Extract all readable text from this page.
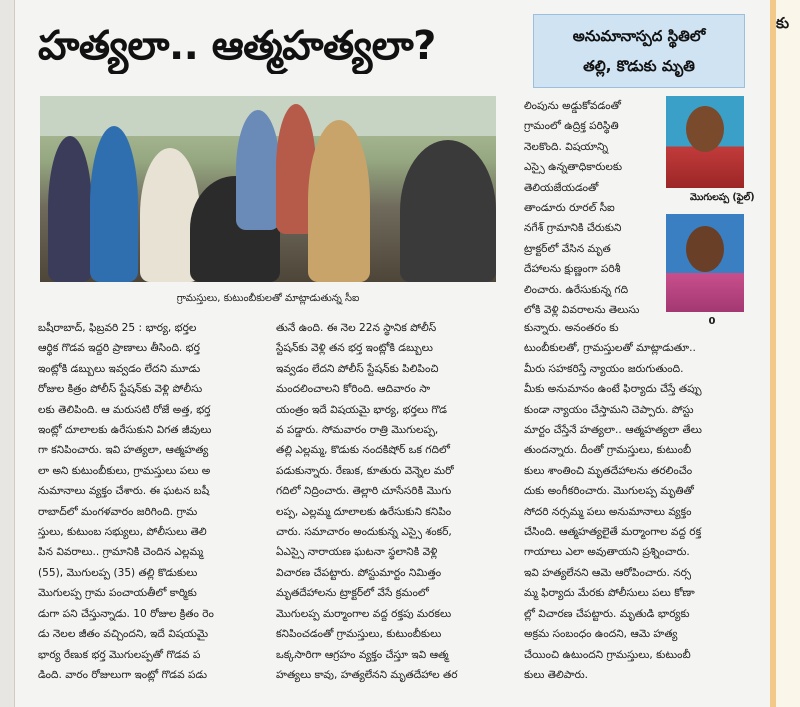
హత్యలా.. ఆత్మహత్యలా?	అనుమానాస్పద స్థితిలో
తల్లి, కొడుకు మృతి
గ్రామస్తులు, కుటుంబీకులతో మాట్లాడుతున్న సీఐ
బషీరాబాద్, ఫిబ్రవరి 25 : భార్య, భర్తల
ఆర్థిక గొడవ ఇద్దరి ప్రాణాలు తీసింది. భర్త
ఇంట్లోకి డబ్బులు ఇవ్వడం లేదని మూడు
రోజుల కిత్రం పోలీస్ స్టేషన్‌కు వెళ్లి పోలీసు
లకు తెలిపింది. ఆ మరుసటి రోజే అత్త, భర్త
ఇంట్లో దూలాలకు ఉరేసుకుని విగత జీవులు
గా కనిపించారు. ఇవి హత్యలా, ఆత్మహత్య
లా అని కుటుంబీకులు, గ్రామస్తులు పలు అ
నుమానాలు వ్యక్తం చేశారు. ఈ ఘటన బషీ
రాబాద్‌లో మంగళవారం జరిగింది. గ్రామ
స్తులు, కుటుంబ సభ్యులు, పోలీసులు తెలి
పిన వివరాలు.. గ్రామానికి చెందిన ఎల్లమ్మ
(55), మొగులప్ప (35) తల్లి కొడుకులు
మొగులప్ప గ్రామ పంచాయతీలో కార్మికు
డుగా పని చేస్తున్నాడు. 10 రోజుల క్రితం రెం
డు నెలల జీతం వచ్చిందని, ఇదే విషయమై
భార్య రేణుక భర్త మొగులప్పతో గొడవ ప
డింది. వారం రోజులుగా ఇంట్లో గొడవ పడు
తునే ఉంది. ఈ నెల 22న స్థానిక పోలీస్
స్టేషన్‌కు వెళ్లి తన భర్త ఇంట్లోకి డబ్బులు
ఇవ్వడం లేదని పోలీస్ స్టేషన్‌కు పిలిపించి
మందలించాలని కోరింది. ఆదివారం సా
యంత్రం ఇదే విషయమై భార్య, భర్తలు గొడ
వ పడ్డారు. సోమవారం రాత్రి మొగులప్ప,
తల్లి ఎల్లమ్మ, కొడుకు నందకిషోర్ ఒక గదిలో
పడుకున్నారు. రేణుక, కూతురు వెన్నెల మరో
గదిలో నిద్రించారు. తెల్లారి చూసేసరికి మొగు
లప్ప, ఎల్లమ్మ దూలాలకు ఉరేసుకుని కనిపిం
చారు. సమాచారం అందుకున్న ఎస్సై శంకర్,
ఏఎస్సై నారాయణ ఘటనా స్థలానికి వెళ్లి
విచారణ చేపట్టారు. పోస్టుమార్టం నిమిత్తం
మృతదేహాలను ట్రాక్టర్‌లో వేసే క్రమంలో
మొగులప్ప మర్మాంగాల వద్ద రక్తపు మరకలు
కనిపించడంతో గ్రామస్తులు, కుటుంబీకులు
ఒక్కసారిగా ఆగ్రహం వ్యక్తం చేస్తూ ఇవి ఆత్మ
హత్యలు కావు, హత్యలేనని మృతదేహాల తర
లింపును అడ్డుకోవడంతో
గ్రామంలో ఉద్రిక్త పరిస్థితి
నెలకొంది. విషయాన్ని
ఎస్సై ఉన్నతాధికారులకు
తెలియజేయడంతో
తాండూరు రూరల్ సీఐ
నగేశ్ గ్రామానికి చేరుకుని
ట్రాక్టర్‌లో వేసిన మృత
దేహాలను క్షుణ్ణంగా పరిశీ
లించారు. ఉరేసుకున్న గది
లోకి వెళ్లి వివరాలను తెలుసు
కున్నారు. అనంతరం కు
టుంబీకులతో, గ్రామస్తులతో మాట్లాడుతూ..
మీరు సహకరిస్తే న్యాయం జరుగుతుంది.
మీకు అనుమానం ఉంటే ఫిర్యాదు చేస్తే తప్పు
కుండా న్యాయం చేస్తామని చెప్పారు. పోస్టు
మార్టం చేస్తేనే హత్యలా.. ఆత్మహత్యలా తేలు
తుందన్నారు. దీంతో గ్రామస్తులు, కుటుంబీ
కులు శాంతించి మృతదేహాలను తరలించేం
దుకు అంగీకరించారు. మొగులప్ప మృతితో
సోదరి నర్సమ్మ పలు అనుమానాలు వ్యక్తం
చేసింది. ఆత్మహత్యలైతే మర్మాంగాల వద్ద రక్త
గాయాలు ఎలా అవుతాయని ప్రశ్నించారు.
ఇవి హత్యలేనని ఆమె ఆరోపించారు. నర్స
మ్మ ఫిర్యాదు మేరకు పోలీసులు పలు కోణా
ల్లో విచారణ చేపట్టారు. మృతుడి భార్యకు
అక్రమ సంబంధం ఉందని, ఆమె హత్య
చేయించి ఉటుందని గ్రామస్తులు, కుటుంబీ
కులు తెలిపారు.
మొగులప్ప (ఫైల్)
0
కు
